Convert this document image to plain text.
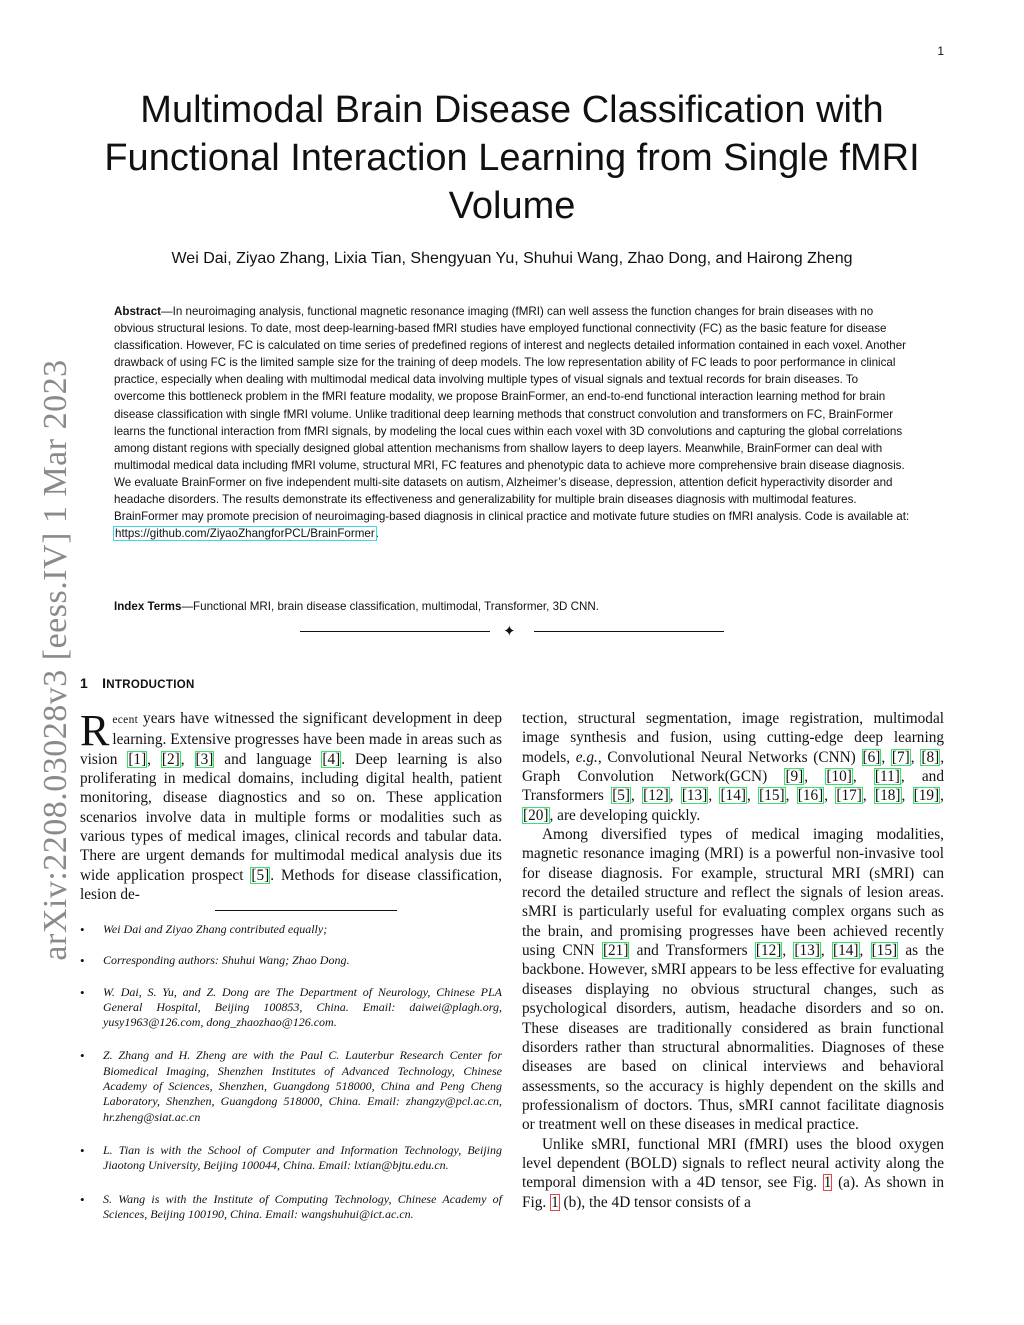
1
arXiv:2208.03028v3 [eess.IV] 1 Mar 2023
Multimodal Brain Disease Classification with Functional Interaction Learning from Single fMRI Volume

Wei Dai, Ziyao Zhang, Lixia Tian, Shengyuan Yu, Shuhui Wang, Zhao Dong, and Hairong Zheng

Abstract—In neuroimaging analysis, functional magnetic resonance imaging (fMRI) can well assess the function changes for brain diseases with no obvious structural lesions. To date, most deep-learning-based fMRI studies have employed functional connectivity (FC) as the basic feature for disease classification. However, FC is calculated on time series of predefined regions of interest and neglects detailed information contained in each voxel. Another drawback of using FC is the limited sample size for the training of deep models. The low representation ability of FC leads to poor performance in clinical practice, especially when dealing with multimodal medical data involving multiple types of visual signals and textual records for brain diseases. To overcome this bottleneck problem in the fMRI feature modality, we propose BrainFormer, an end-to-end functional interaction learning method for brain disease classification with single fMRI volume. Unlike traditional deep learning methods that construct convolution and transformers on FC, BrainFormer learns the functional interaction from fMRI signals, by modeling the local cues within each voxel with 3D convolutions and capturing the global correlations among distant regions with specially designed global attention mechanisms from shallow layers to deep layers. Meanwhile, BrainFormer can deal with multimodal medical data including fMRI volume, structural MRI, FC features and phenotypic data to achieve more comprehensive brain disease diagnosis. We evaluate BrainFormer on five independent multi-site datasets on autism, Alzheimer’s disease, depression, attention deficit hyperactivity disorder and headache disorders. The results demonstrate its effectiveness and generalizability for multiple brain diseases diagnosis with multimodal features. BrainFormer may promote precision of neuroimaging-based diagnosis in clinical practice and motivate future studies on fMRI analysis. Code is available at: https://github.com/ZiyaoZhangforPCL/BrainFormer.

Index Terms—Functional MRI, brain disease classification, multimodal, Transformer, 3D CNN.

✦
1 INTRODUCTION

Recent years have witnessed the significant development in deep learning. Extensive progresses have been made in areas such as vision [1], [2], [3] and language [4]. Deep learning is also proliferating in medical domains, including digital health, patient monitoring, disease diagnostics and so on. These application scenarios involve data in multiple forms or modalities such as various types of medical images, clinical records and tabular data. There are urgent demands for multimodal medical analysis due its wide application prospect [5]. Methods for disease classification, lesion de-

• Wei Dai and Ziyao Zhang contributed equally;
• Corresponding authors: Shuhui Wang; Zhao Dong.
• W. Dai, S. Yu, and Z. Dong are The Department of Neurology, Chinese PLA General Hospital, Beijing 100853, China. Email: daiwei@plagh.org, yusy1963@126.com, dong_zhaozhao@126.com.
• Z. Zhang and H. Zheng are with the Paul C. Lauterbur Research Center for Biomedical Imaging, Shenzhen Institutes of Advanced Technology, Chinese Academy of Sciences, Shenzhen, Guangdong 518000, China and Peng Cheng Laboratory, Shenzhen, Guangdong 518000, China. Email: zhangzy@pcl.ac.cn, hr.zheng@siat.ac.cn
• L. Tian is with the School of Computer and Information Technology, Beijing Jiaotong University, Beijing 100044, China. Email: lxtian@bjtu.edu.cn.
• S. Wang is with the Institute of Computing Technology, Chinese Academy of Sciences, Beijing 100190, China. Email: wangshuhui@ict.ac.cn.

tection, structural segmentation, image registration, multimodal image synthesis and fusion, using cutting-edge deep learning models, e.g., Convolutional Neural Networks (CNN) [6], [7], [8], Graph Convolution Network(GCN) [9], [10], [11], and Transformers [5], [12], [13], [14], [15], [16], [17], [18], [19], [20], are developing quickly.

Among diversified types of medical imaging modalities, magnetic resonance imaging (MRI) is a powerful non-invasive tool for disease diagnosis. For example, structural MRI (sMRI) can record the detailed structure and reflect the signals of lesion areas. sMRI is particularly useful for evaluating complex organs such as the brain, and promising progresses have been achieved recently using CNN [21] and Transformers [12], [13], [14], [15] as the backbone. However, sMRI appears to be less effective for evaluating diseases displaying no obvious structural changes, such as psychological disorders, autism, headache disorders and so on. These diseases are traditionally considered as brain functional disorders rather than structural abnormalities. Diagnoses of these diseases are based on clinical interviews and behavioral assessments, so the accuracy is highly dependent on the skills and professionalism of doctors. Thus, sMRI cannot facilitate diagnosis or treatment well on these diseases in medical practice.

Unlike sMRI, functional MRI (fMRI) uses the blood oxygen level dependent (BOLD) signals to reflect neural activity along the temporal dimension with a 4D tensor, see Fig. 1 (a). As shown in Fig. 1 (b), the 4D tensor consists of a
